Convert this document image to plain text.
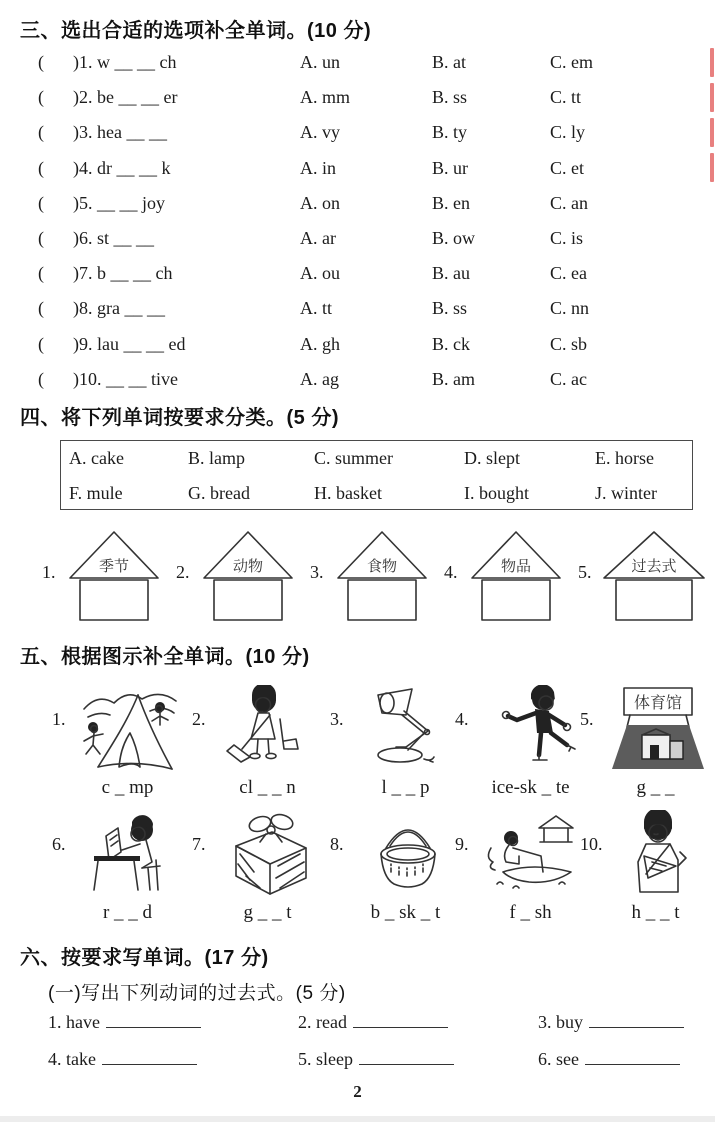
三、选出合适的选项补全单词。(10 分)
( )1. w __ __ ch	A. un	B. at	C. em
( )2. be __ __ er	A. mm	B. ss	C. tt
( )3. hea __ __	A. vy	B. ty	C. ly
( )4. dr __ __ k	A. in	B. ur	C. et
( )5. __ __ joy	A. on	B. en	C. an
( )6. st __ __	A. ar	B. ow	C. is
( )7. b __ __ ch	A. ou	B. au	C. ea
( )8. gra __ __	A. tt	B. ss	C. nn
( )9. lau __ __ ed	A. gh	B. ck	C. sb
( )10. __ __ tive	A. ag	B. am	C. ac
四、将下列单词按要求分类。(5 分)
A. cake	B. lamp	C. summer	D. slept	E. horse
F. mule	G. bread	H. basket	I. bought	J. winter
1.	季节	2.	动物	3.	食物	4.	物品	5.	过去式
五、根据图示补全单词。(10 分)
1.
c _ mp
2.
cl _ _ n
3.
l _ _ p
4.
ice-sk _ te
5.
体育馆
g _ _
6.
r _ _ d
7.
g _ _ t
8.
b _ sk _ t
9.
f _ sh
10.
h _ _ t
六、按要求写单词。(17 分)
(一)写出下列动词的过去式。(5 分)
1. have	2. read	3. buy
4. take	5. sleep	6. see
2
